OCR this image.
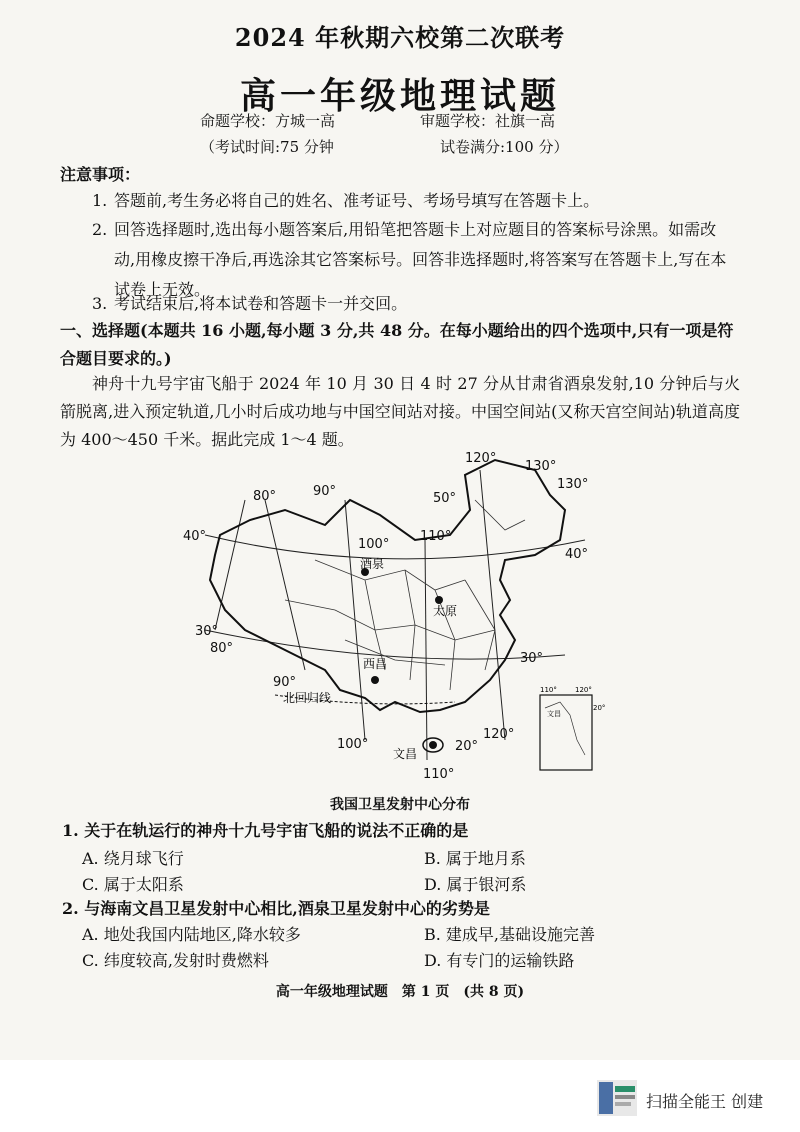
2024 年秋期六校第二次联考
高一年级地理试题
命题学校：方城一高	审题学校：社旗一高
（考试时间:75 分钟	试卷满分:100 分）
注意事项：
1. 答题前,考生务必将自己的姓名、准考证号、考场号填写在答题卡上。
2. 回答选择题时,选出每小题答案后,用铅笔把答题卡上对应题目的答案标号涂黑。如需改动,用橡皮擦干净后,再选涂其它答案标号。回答非选择题时,将答案写在答题卡上,写在本试卷上无效。
3. 考试结束后,将本试卷和答题卡一并交回。
一、选择题(本题共 16 小题,每小题 3 分,共 48 分。在每小题给出的四个选项中,只有一项是符合题目要求的。)
神舟十九号宇宙飞船于 2024 年 10 月 30 日 4 时 27 分从甘肃省酒泉发射,10 分钟后与火箭脱离,进入预定轨道,几小时后成功地与中国空间站对接。中国空间站(又称天宫空间站)轨道高度为 400～450 千米。据此完成 1～4 题。
酒泉
太原
西昌
文昌
北回归线
80°	90°
100°
110°
120°
130°
50°
130°
40°
40°
30°
80°
30°
90°
100°
120°
20°
110°
110°	120°
20°
文昌
我国卫星发射中心分布
1. 关于在轨运行的神舟十九号宇宙飞船的说法不正确的是
A. 绕月球飞行	B. 属于地月系
C. 属于太阳系	D. 属于银河系
2. 与海南文昌卫星发射中心相比,酒泉卫星发射中心的劣势是
A. 地处我国内陆地区,降水较多	B. 建成早,基础设施完善
C. 纬度较高,发射时费燃料	D. 有专门的运输铁路
高一年级地理试题　第 1 页　(共 8 页)
扫描全能王 创建
